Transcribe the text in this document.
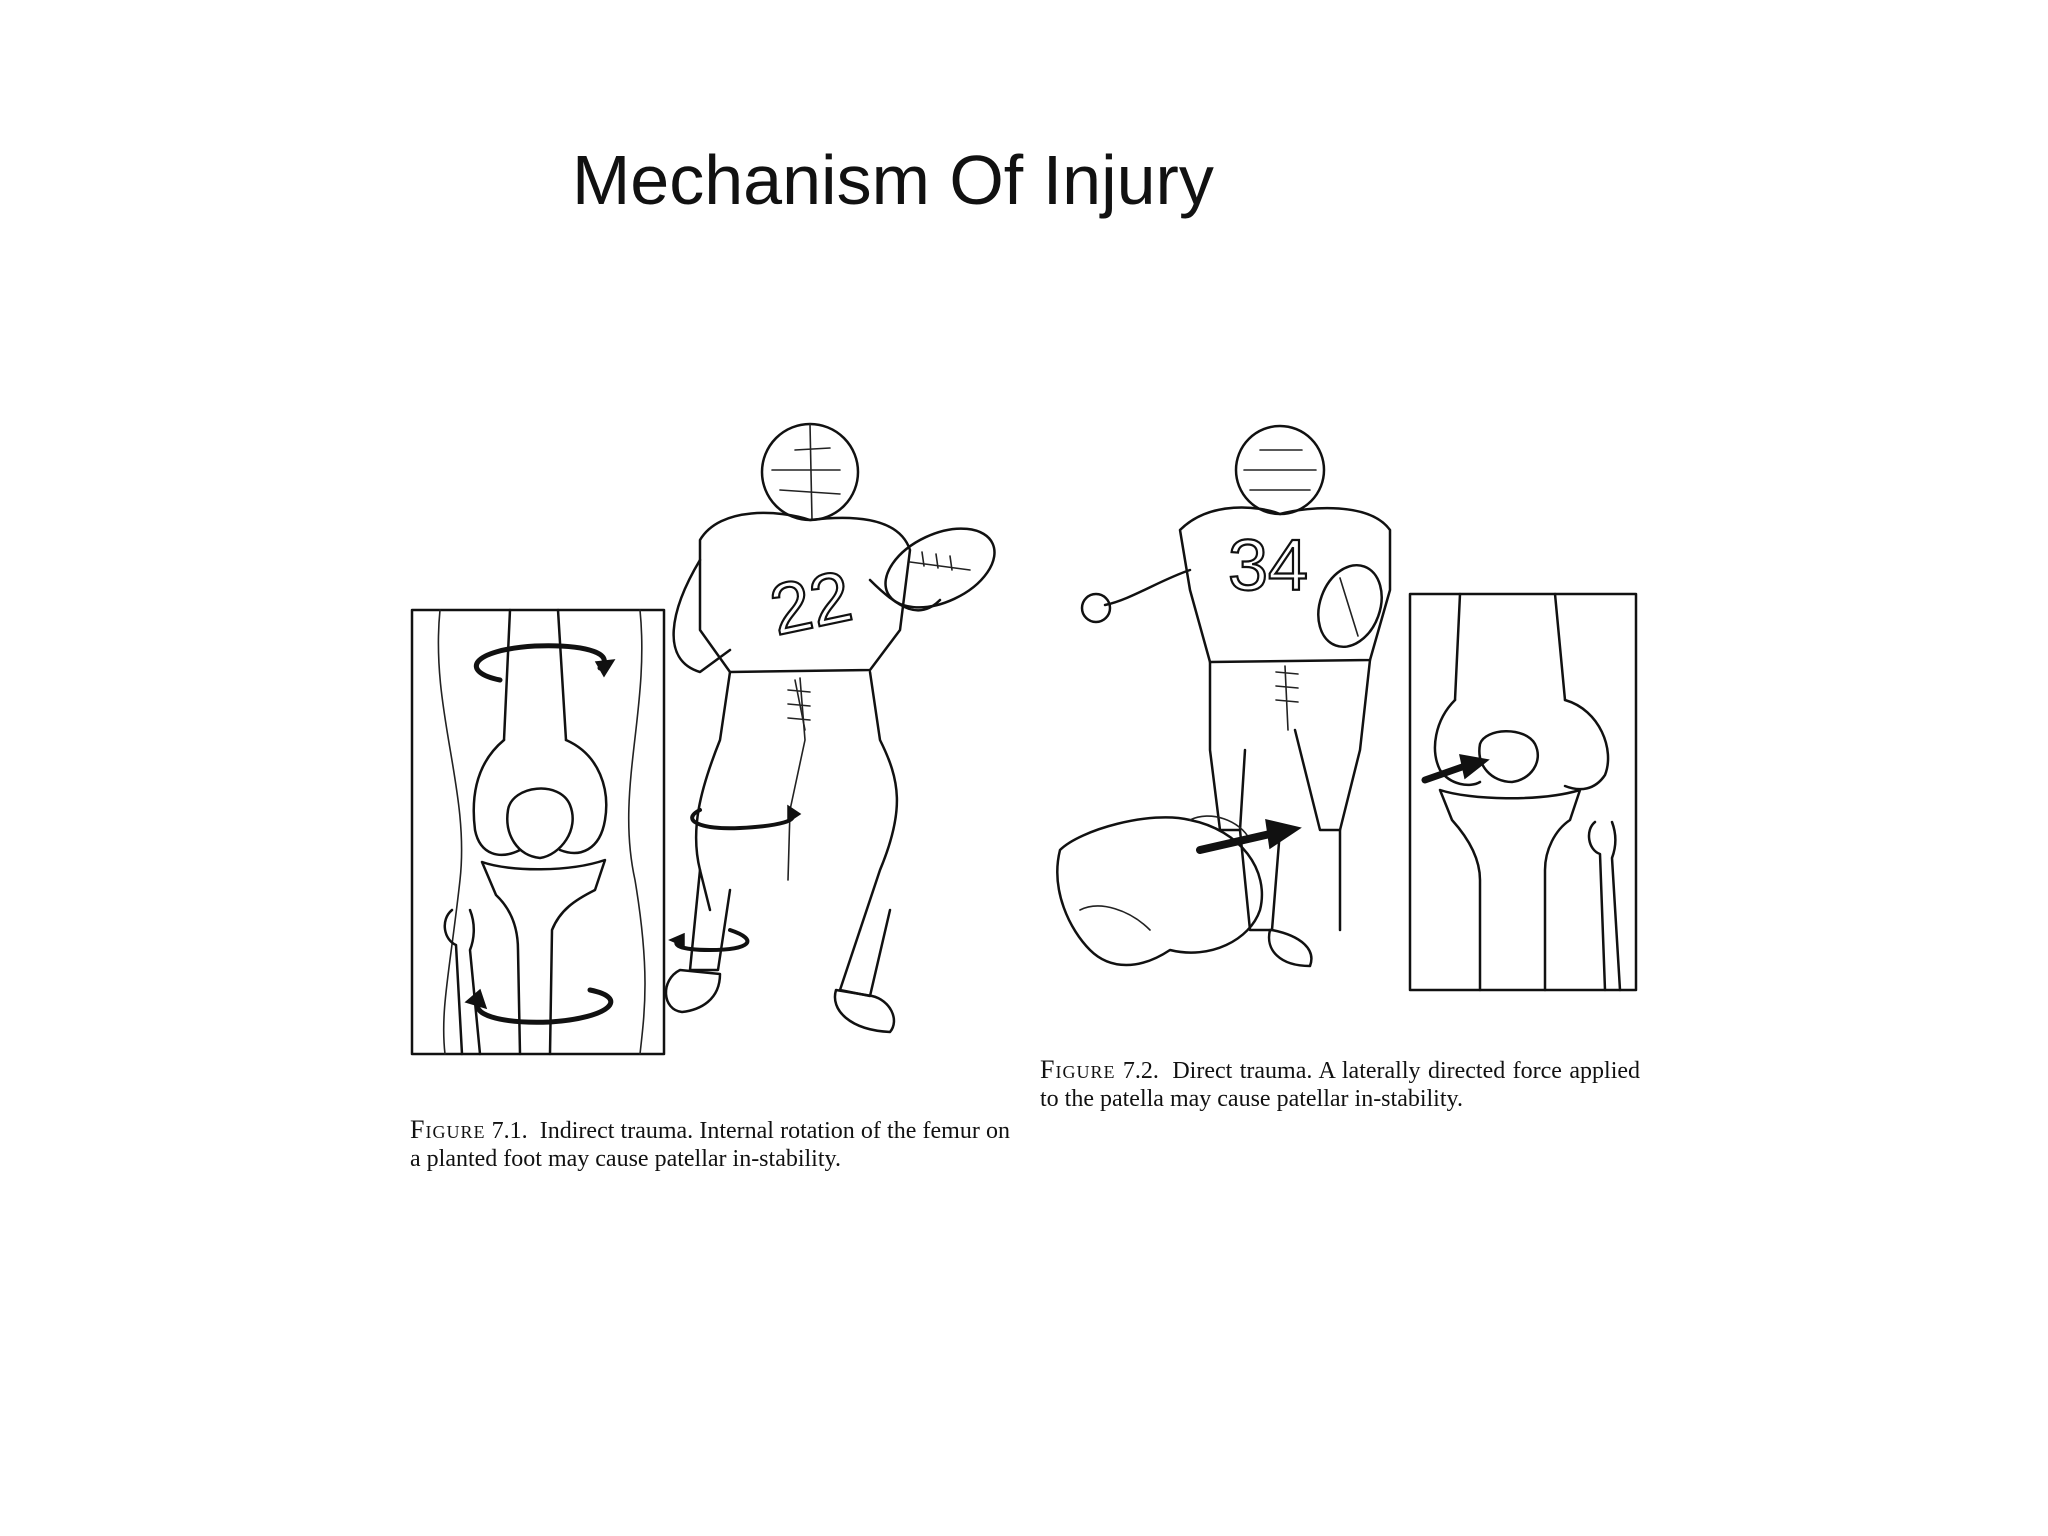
Mechanism Of Injury
22
Figure 7.1. Indirect trauma. Internal rotation of the femur on a planted foot may cause patellar in-stability.
34
Figure 7.2. Direct trauma. A laterally directed force applied to the patella may cause patellar in-stability.
